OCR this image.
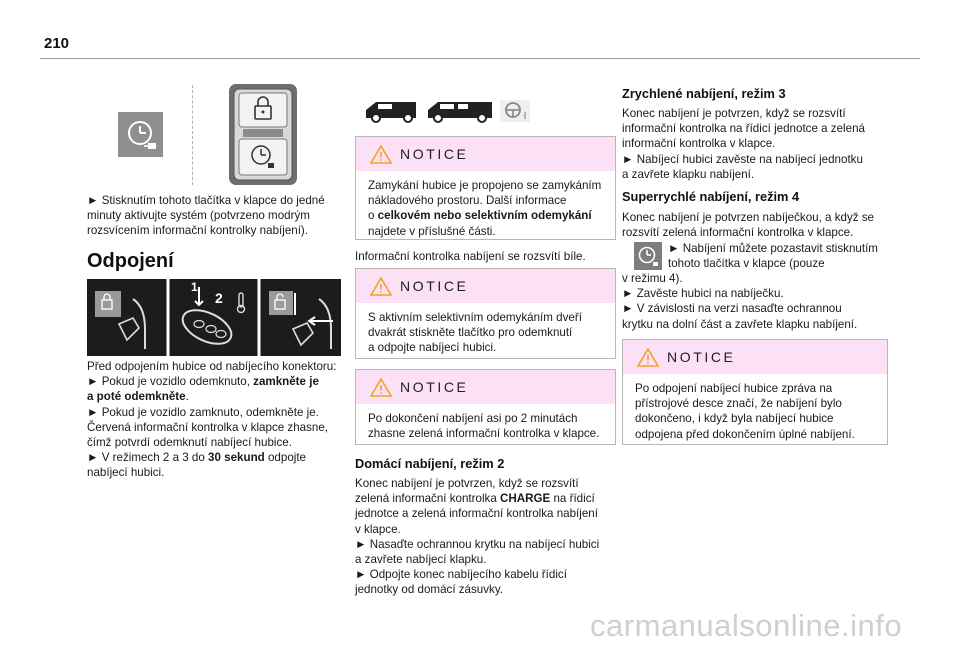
210
► Stisknutím tohoto tlačítka v klapce do jedné
minuty aktivujte systém (potvrzeno modrým
rozsvícením informační kontrolky nabíjení).
Odpojení
1
2
Před odpojením hubice od nabíjecího konektoru:
► Pokud je vozidlo odemknuto, zamkněte je
a poté odemkněte.
► Pokud je vozidlo zamknuto, odemkněte je.
Červená informační kontrolka v klapce zhasne,
čímž potvrdí odemknutí nabíjecí hubice.
► V režimech 2 a 3 do 30 sekund odpojte
nabíjecí hubici.
NOTICE
Zamykání hubice je propojeno se zamykáním
nákladového prostoru. Další informace
o celkovém nebo selektivním odemykání
najdete v příslušné části.
Informační kontrolka nabíjení se rozsvítí bíle.
NOTICE
S aktivním selektivním odemykáním dveří
dvakrát stiskněte tlačítko pro odemknutí
a odpojte nabíjecí hubici.
NOTICE
Po dokončení nabíjení asi po 2 minutách
zhasne zelená informační kontrolka v klapce.
Domácí nabíjení, režim 2
Konec nabíjení je potvrzen, když se rozsvítí
zelená informační kontrolka CHARGE na řídicí
jednotce a zelená informační kontrolka nabíjení
v klapce.
► Nasaďte ochrannou krytku na nabíjecí hubici
a zavřete nabíjecí klapku.
► Odpojte konec nabíjecího kabelu řídicí
jednotky od domácí zásuvky.
Zrychlené nabíjení, režim 3
Konec nabíjení je potvrzen, když se rozsvítí
informační kontrolka na řídicí jednotce a zelená
informační kontrolka v klapce.
► Nabíjecí hubici zavěste na nabíjecí jednotku
a zavřete klapku nabíjení.
Superrychlé nabíjení, režim 4
Konec nabíjení je potvrzen nabíječkou, a když se
rozsvítí zelená informační kontrolka v klapce.
► Nabíjení můžete pozastavit stisknutím
tohoto tlačítka v klapce (pouze
v režimu 4).
► Zavěste hubici na nabíječku.
► V závislosti na verzi nasaďte ochrannou
krytku na dolní část a zavřete klapku nabíjení.
NOTICE
Po odpojení nabíjecí hubice zpráva na
přístrojové desce značí, že nabíjení bylo
dokončeno, i když byla nabíjecí hubice
odpojena před dokončením úplné nabíjení.
carmanualsonline.info
